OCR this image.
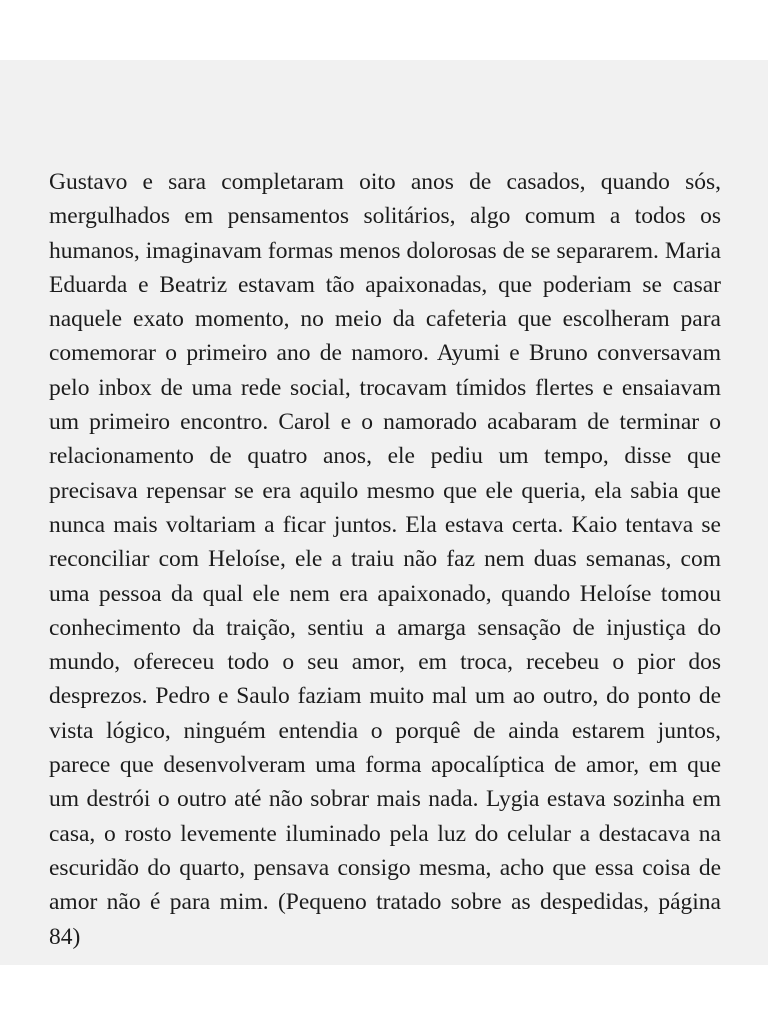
Gustavo e sara completaram oito anos de casados, quando sós, mergulhados em pensamentos solitários, algo comum a todos os humanos, imaginavam formas menos dolorosas de se separarem. Maria Eduarda e Beatriz estavam tão apaixonadas, que poderiam se casar naquele exato momento, no meio da cafeteria que escolheram para comemorar o primeiro ano de namoro. Ayumi e Bruno conversavam pelo inbox de uma rede social, trocavam tímidos flertes e ensaiavam um primeiro encontro. Carol e o namorado acabaram de terminar o relacionamento de quatro anos, ele pediu um tempo, disse que precisava repensar se era aquilo mesmo que ele queria, ela sabia que nunca mais voltariam a ficar juntos. Ela estava certa. Kaio tentava se reconciliar com Heloíse, ele a traiu não faz nem duas semanas, com uma pessoa da qual ele nem era apaixonado, quando Heloíse tomou conhecimento da traição, sentiu a amarga sensação de injustiça do mundo, ofereceu todo o seu amor, em troca, recebeu o pior dos desprezos. Pedro e Saulo faziam muito mal um ao outro, do ponto de vista lógico, ninguém entendia o porquê de ainda estarem juntos, parece que desenvolveram uma forma apocalíptica de amor, em que um destrói o outro até não sobrar mais nada. Lygia estava sozinha em casa, o rosto levemente iluminado pela luz do celular a destacava na escuridão do quarto, pensava consigo mesma, acho que essa coisa de amor não é para mim. (Pequeno tratado sobre as despedidas, página 84)
